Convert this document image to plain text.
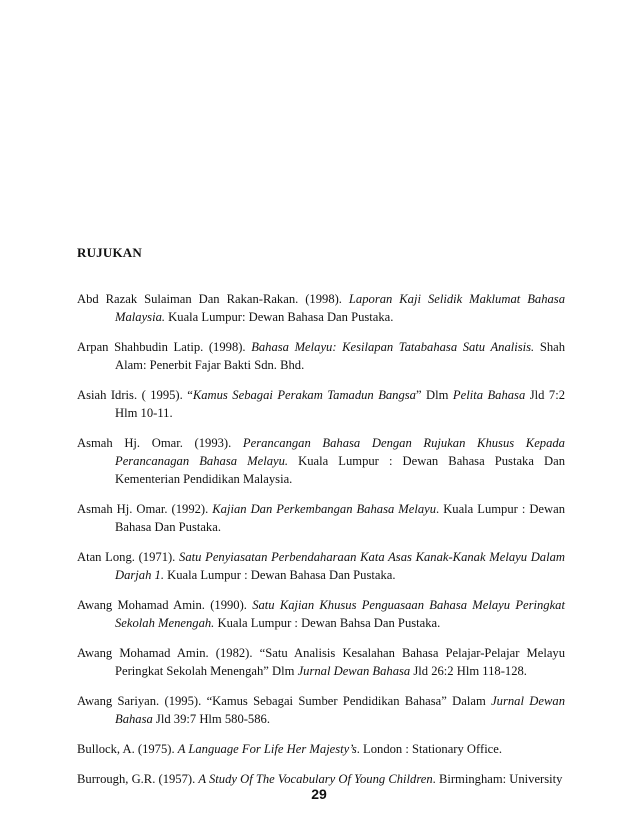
RUJUKAN

Abd Razak Sulaiman Dan Rakan-Rakan. (1998). Laporan Kaji Selidik Maklumat Bahasa Malaysia. Kuala Lumpur: Dewan Bahasa Dan Pustaka.

Arpan Shahbudin Latip. (1998). Bahasa Melayu: Kesilapan Tatabahasa Satu Analisis. Shah Alam: Penerbit Fajar Bakti Sdn. Bhd.

Asiah Idris. ( 1995). “Kamus Sebagai Perakam Tamadun Bangsa” Dlm Pelita Bahasa Jld 7:2 Hlm 10-11.

Asmah Hj. Omar. (1993). Perancangan Bahasa Dengan Rujukan Khusus Kepada Perancanagan Bahasa Melayu. Kuala Lumpur : Dewan Bahasa Pustaka Dan Kementerian Pendidikan Malaysia.

Asmah Hj. Omar. (1992). Kajian Dan Perkembangan Bahasa Melayu. Kuala Lumpur : Dewan Bahasa Dan Pustaka.

Atan Long. (1971). Satu Penyiasatan Perbendaharaan Kata Asas Kanak-Kanak Melayu Dalam Darjah 1. Kuala Lumpur : Dewan Bahasa Dan Pustaka.

Awang Mohamad Amin. (1990). Satu Kajian Khusus Penguasaan Bahasa Melayu Peringkat Sekolah Menengah. Kuala Lumpur : Dewan Bahsa Dan Pustaka.

Awang Mohamad Amin. (1982). “Satu Analisis Kesalahan Bahasa Pelajar-Pelajar Melayu Peringkat Sekolah Menengah” Dlm Jurnal Dewan Bahasa Jld 26:2 Hlm 118-128.

Awang Sariyan. (1995). “Kamus Sebagai Sumber Pendidikan Bahasa” Dalam Jurnal Dewan Bahasa Jld 39:7 Hlm 580-586.

Bullock, A. (1975). A Language For Life Her Majesty’s. London : Stationary Office.

Burrough, G.R. (1957). A Study Of The Vocabulary Of Young Children. Birmingham: University

29
